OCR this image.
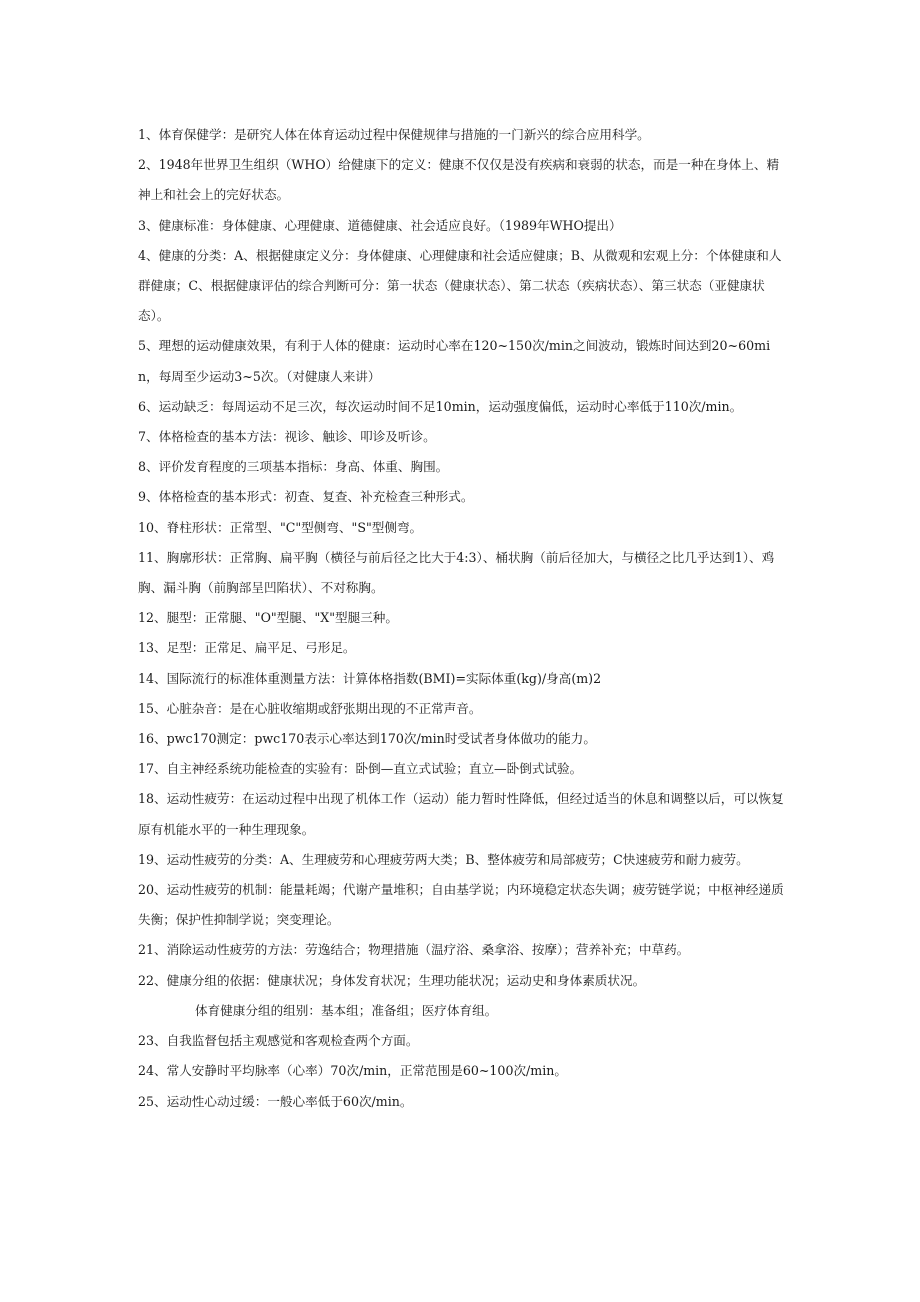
1、体育保健学：是研究人体在体育运动过程中保健规律与措施的一门新兴的综合应用科学。

2、1948年世界卫生组织（WHO）给健康下的定义：健康不仅仅是没有疾病和衰弱的状态，而是一种在身体上、精神上和社会上的完好状态。

3、健康标准：身体健康、心理健康、道德健康、社会适应良好。（1989年WHO提出）

4、健康的分类：A、根据健康定义分：身体健康、心理健康和社会适应健康；B、从微观和宏观上分：个体健康和人群健康；C、根据健康评估的综合判断可分：第一状态（健康状态）、第二状态（疾病状态）、第三状态（亚健康状态）。

5、理想的运动健康效果，有利于人体的健康：运动时心率在120~150次/min之间波动，锻炼时间达到20~60min，每周至少运动3~5次。（对健康人来讲）

6、运动缺乏：每周运动不足三次，每次运动时间不足10min，运动强度偏低，运动时心率低于110次/min。

7、体格检查的基本方法：视诊、触诊、叩诊及听诊。

8、评价发育程度的三项基本指标：身高、体重、胸围。

9、体格检查的基本形式：初查、复查、补充检查三种形式。

10、脊柱形状：正常型、"C"型侧弯、"S"型侧弯。

11、胸廓形状：正常胸、扁平胸（横径与前后径之比大于4:3）、桶状胸（前后径加大，与横径之比几乎达到1）、鸡胸、漏斗胸（前胸部呈凹陷状）、不对称胸。

12、腿型：正常腿、"O"型腿、"X"型腿三种。

13、足型：正常足、扁平足、弓形足。

14、国际流行的标准体重测量方法：计算体格指数(BMI)=实际体重(kg)/身高(m)2

15、心脏杂音：是在心脏收缩期或舒张期出现的不正常声音。

16、pwc170测定：pwc170表示心率达到170次/min时受试者身体做功的能力。

17、自主神经系统功能检查的实验有：卧倒—直立式试验；直立—卧倒式试验。

18、运动性疲劳：在运动过程中出现了机体工作（运动）能力暂时性降低，但经过适当的休息和调整以后，可以恢复原有机能水平的一种生理现象。

19、运动性疲劳的分类：A、生理疲劳和心理疲劳两大类；B、整体疲劳和局部疲劳；C快速疲劳和耐力疲劳。

20、运动性疲劳的机制：能量耗竭；代谢产量堆积；自由基学说；内环境稳定状态失调；疲劳链学说；中枢神经递质失衡；保护性抑制学说；突变理论。

21、消除运动性疲劳的方法：劳逸结合；物理措施（温疗浴、桑拿浴、按摩）；营养补充；中草药。

22、健康分组的依据：健康状况；身体发育状况；生理功能状况；运动史和身体素质状况。

体育健康分组的组别：基本组；准备组；医疗体育组。

23、自我监督包括主观感觉和客观检查两个方面。

24、常人安静时平均脉率（心率）70次/min，正常范围是60~100次/min。

25、运动性心动过缓：一般心率低于60次/min。
